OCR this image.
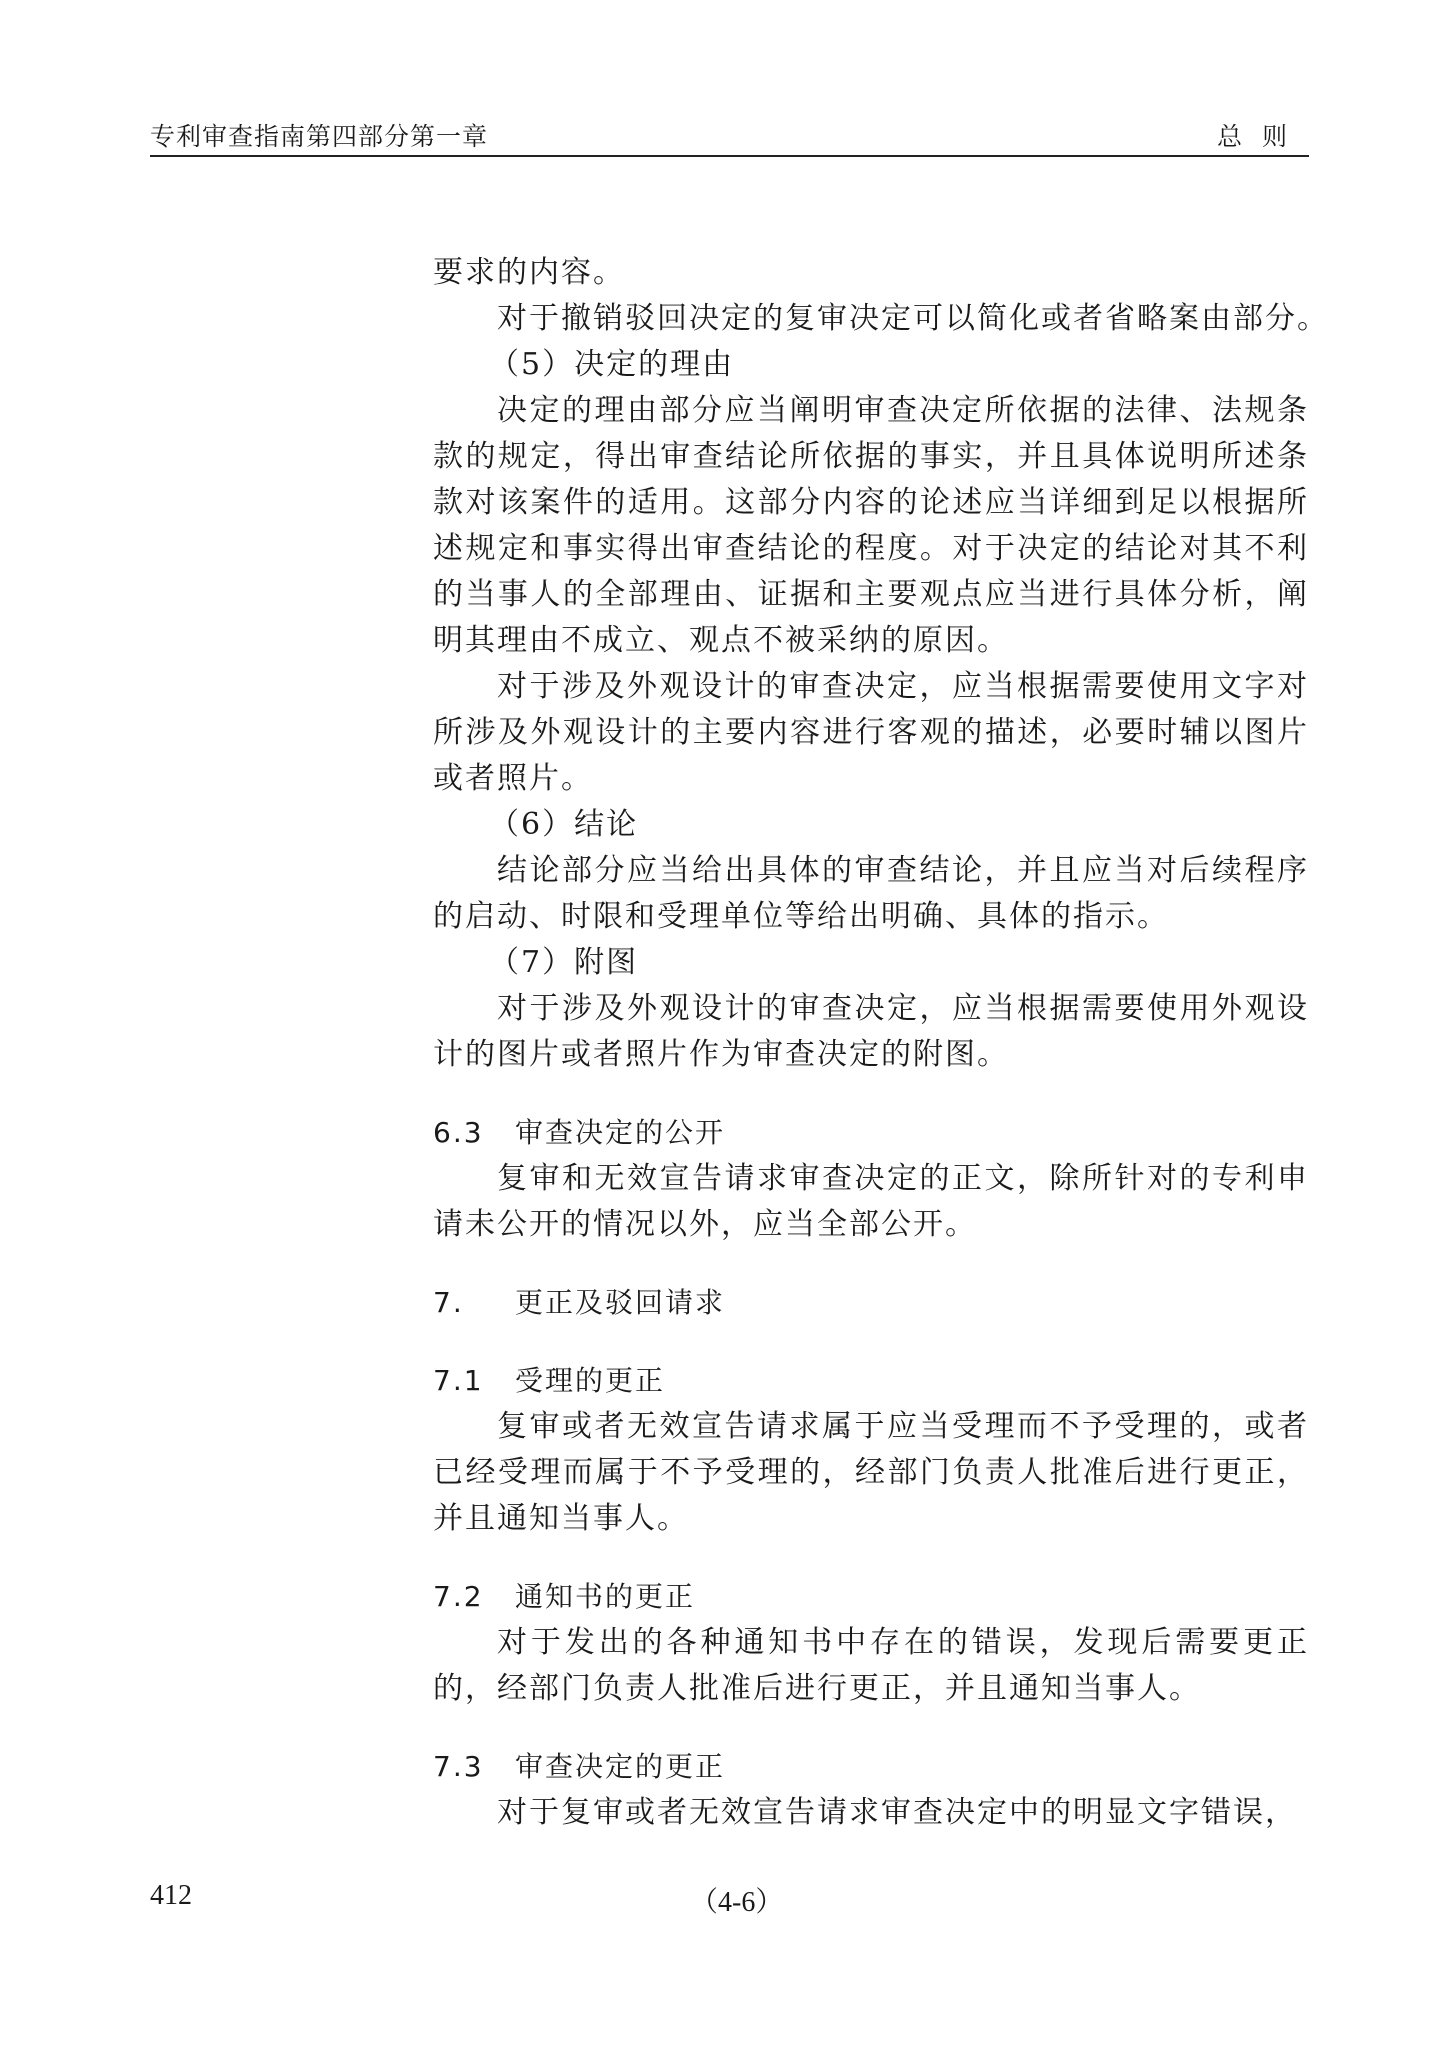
专利审查指南第四部分第一章	总则
要求的内容。
对于撤销驳回决定的复审决定可以简化或者省略案由部分。
（5）决定的理由
决定的理由部分应当阐明审查决定所依据的法律、法规条
款的规定，得出审查结论所依据的事实，并且具体说明所述条
款对该案件的适用。这部分内容的论述应当详细到足以根据所
述规定和事实得出审查结论的程度。对于决定的结论对其不利
的当事人的全部理由、证据和主要观点应当进行具体分析，阐
明其理由不成立、观点不被采纳的原因。
对于涉及外观设计的审查决定，应当根据需要使用文字对
所涉及外观设计的主要内容进行客观的描述，必要时辅以图片
或者照片。
（6）结论
结论部分应当给出具体的审查结论，并且应当对后续程序
的启动、时限和受理单位等给出明确、具体的指示。
（7）附图
对于涉及外观设计的审查决定，应当根据需要使用外观设
计的图片或者照片作为审查决定的附图。
6.3 审查决定的公开
复审和无效宣告请求审查决定的正文，除所针对的专利申
请未公开的情况以外，应当全部公开。
7. 更正及驳回请求
7.1 受理的更正
复审或者无效宣告请求属于应当受理而不予受理的，或者
已经受理而属于不予受理的，经部门负责人批准后进行更正，
并且通知当事人。
7.2 通知书的更正
对于发出的各种通知书中存在的错误，发现后需要更正
的，经部门负责人批准后进行更正，并且通知当事人。
7.3 审查决定的更正
对于复审或者无效宣告请求审查决定中的明显文字错误，
412	（4-6）
